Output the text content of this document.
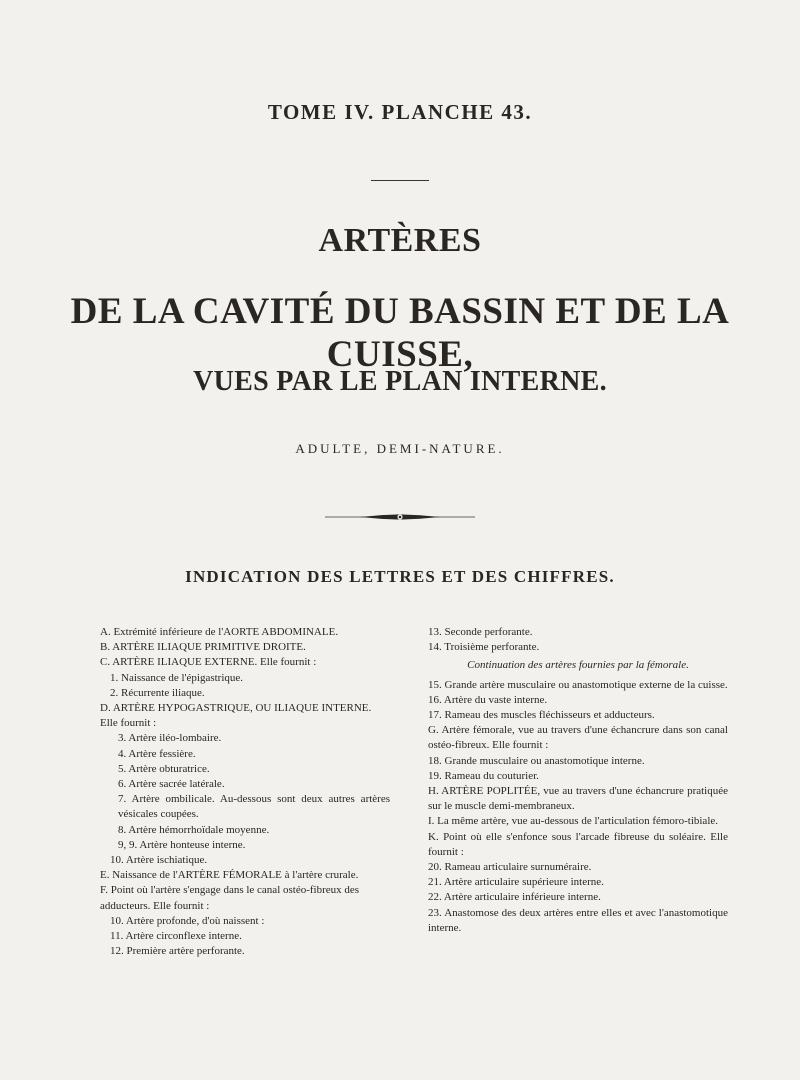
TOME IV. PLANCHE 43.
ARTÈRES
DE LA CAVITÉ DU BASSIN ET DE LA CUISSE,
VUES PAR LE PLAN INTERNE.
ADULTE, DEMI-NATURE.
INDICATION DES LETTRES ET DES CHIFFRES.
A. Extrémité inférieure de l'AORTE ABDOMINALE.
B. ARTÈRE ILIAQUE PRIMITIVE DROITE.
C. ARTÈRE ILIAQUE EXTERNE. Elle fournit :
1. Naissance de l'épigastrique.
2. Récurrente iliaque.
D. ARTÈRE HYPOGASTRIQUE, OU ILIAQUE INTERNE. Elle fournit :
3. Artère iléo-lombaire.
4. Artère fessière.
5. Artère obturatrice.
6. Artère sacrée latérale.
7. Artère ombilicale. Au-dessous sont deux autres artères vésicales coupées.
8. Artère hémorrhoïdale moyenne.
9, 9. Artère honteuse interne.
10. Artère ischiatique.
E. Naissance de l'ARTÈRE FÉMORALE à l'artère crurale.
F. Point où l'artère s'engage dans le canal ostéo-fibreux des adducteurs. Elle fournit :
10. Artère profonde, d'où naissent :
11. Artère circonflexe interne.
12. Première artère perforante.
13. Seconde perforante.
14. Troisième perforante.
Continuation des artères fournies par la fémorale.
15. Grande artère musculaire ou anastomotique externe de la cuisse.
16. Artère du vaste interne.
17. Rameau des muscles fléchisseurs et adducteurs.
G. Artère fémorale, vue au travers d'une échancrure dans son canal ostéo-fibreux. Elle fournit :
18. Grande musculaire ou anastomotique interne.
19. Rameau du couturier.
H. ARTÈRE POPLITÉE, vue au travers d'une échancrure pratiquée sur le muscle demi-membraneux.
I. La même artère, vue au-dessous de l'articulation fémoro-tibiale.
K. Point où elle s'enfonce sous l'arcade fibreuse du soléaire. Elle fournit :
20. Rameau articulaire surnuméraire.
21. Artère articulaire supérieure interne.
22. Artère articulaire inférieure interne.
23. Anastomose des deux artères entre elles et avec l'anastomotique interne.
